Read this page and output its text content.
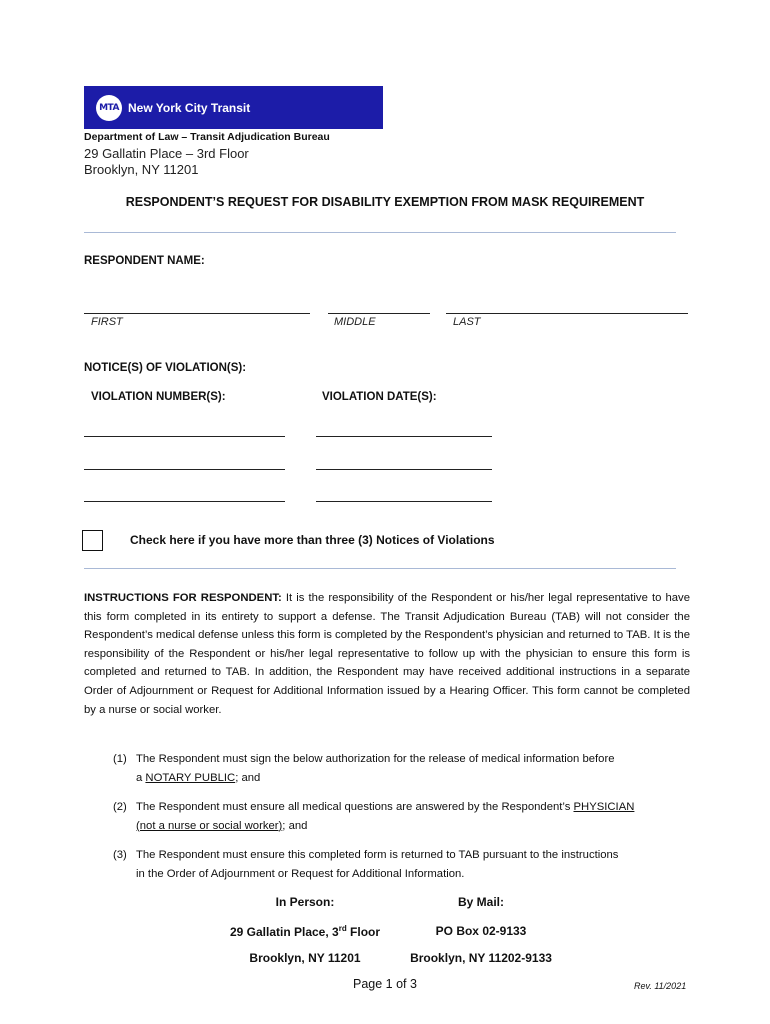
MTA New York City Transit
Department of Law – Transit Adjudication Bureau
29 Gallatin Place – 3rd Floor
Brooklyn, NY 11201
RESPONDENT’S REQUEST FOR DISABILITY EXEMPTION FROM MASK REQUIREMENT
RESPONDENT NAME:
FIRST	MIDDLE	LAST
NOTICE(S) OF VIOLATION(S):
VIOLATION NUMBER(S):	VIOLATION DATE(S):
Check here if you have more than three (3) Notices of Violations
INSTRUCTIONS FOR RESPONDENT: It is the responsibility of the Respondent or his/her legal representative to have this form completed in its entirety to support a defense. The Transit Adjudication Bureau (TAB) will not consider the Respondent’s medical defense unless this form is completed by the Respondent’s physician and returned to TAB. It is the responsibility of the Respondent or his/her legal representative to follow up with the physician to ensure this form is completed and returned to TAB. In addition, the Respondent may have received additional instructions in a separate Order of Adjournment or Request for Additional Information issued by a Hearing Officer. This form cannot be completed by a nurse or social worker.
(1) The Respondent must sign the below authorization for the release of medical information before
a NOTARY PUBLIC; and
(2) The Respondent must ensure all medical questions are answered by the Respondent’s PHYSICIAN
(not a nurse or social worker); and
(3) The Respondent must ensure this completed form is returned to TAB pursuant to the instructions
in the Order of Adjournment or Request for Additional Information.
In Person:
29 Gallatin Place, 3rd Floor
Brooklyn, NY 11201
By Mail:
PO Box 02-9133
Brooklyn, NY 11202-9133
Page 1 of 3	Rev. 11/2021
